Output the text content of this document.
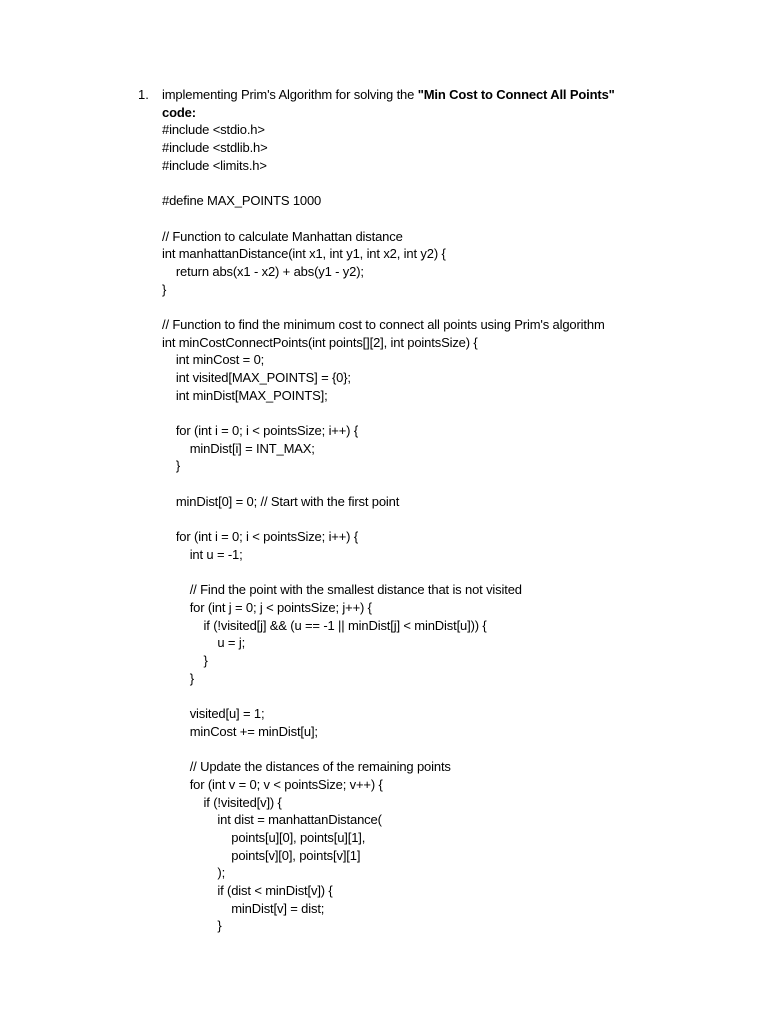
1. implementing Prim's Algorithm for solving the "Min Cost to Connect All Points"
code:
#include <stdio.h>
#include <stdlib.h>
#include <limits.h>
#define MAX_POINTS 1000
// Function to calculate Manhattan distance
int manhattanDistance(int x1, int y1, int x2, int y2) {
return abs(x1 - x2) + abs(y1 - y2);
}
// Function to find the minimum cost to connect all points using Prim's algorithm
int minCostConnectPoints(int points[][2], int pointsSize) {
int minCost = 0;
int visited[MAX_POINTS] = {0};
int minDist[MAX_POINTS];
for (int i = 0; i < pointsSize; i++) {
minDist[i] = INT_MAX;
}
minDist[0] = 0; // Start with the first point
for (int i = 0; i < pointsSize; i++) {
int u = -1;
// Find the point with the smallest distance that is not visited
for (int j = 0; j < pointsSize; j++) {
if (!visited[j] && (u == -1 || minDist[j] < minDist[u])) {
u = j;
}
}
visited[u] = 1;
minCost += minDist[u];
// Update the distances of the remaining points
for (int v = 0; v < pointsSize; v++) {
if (!visited[v]) {
int dist = manhattanDistance(
points[u][0], points[u][1],
points[v][0], points[v][1]
);
if (dist < minDist[v]) {
minDist[v] = dist;
}
